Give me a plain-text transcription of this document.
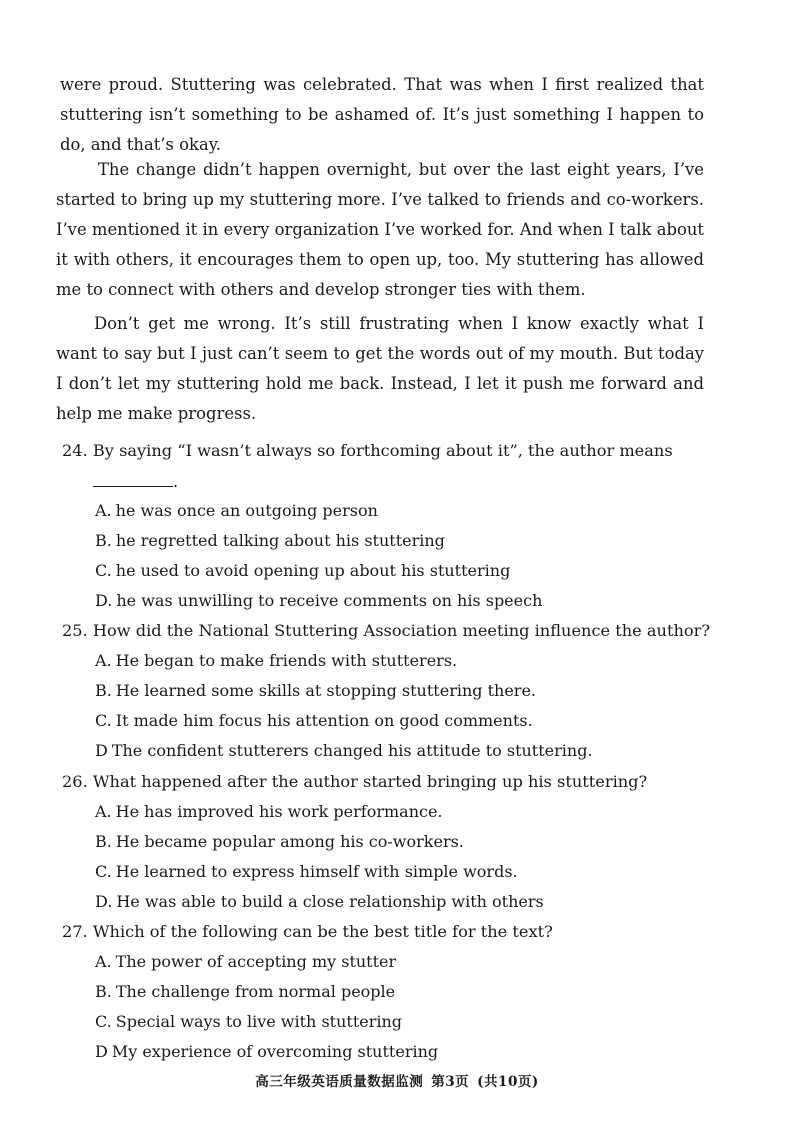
were proud. Stuttering was celebrated. That was when I first realized that stuttering isn’t something to be ashamed of. It’s just something I happen to do, and that’s okay.

The change didn’t happen overnight, but over the last eight years, I’ve started to bring up my stuttering more. I’ve talked to friends and co-workers. I’ve mentioned it in every organization I’ve worked for. And when I talk about it with others, it encourages them to open up, too. My stuttering has allowed me to connect with others and develop stronger ties with them.

Don’t get me wrong. It’s still frustrating when I know exactly what I want to say but I just can’t seem to get the words out of my mouth. But today I don’t let my stuttering hold me back. Instead, I let it push me forward and help me make progress.

24. By saying “I wasn’t always so forthcoming about it”, the author means
.
A. he was once an outgoing person
B. he regretted talking about his stuttering
C. he used to avoid opening up about his stuttering
D. he was unwilling to receive comments on his speech
25. How did the National Stuttering Association meeting influence the author?
A. He began to make friends with stutterers.
B. He learned some skills at stopping stuttering there.
C. It made him focus his attention on good comments.
D The confident stutterers changed his attitude to stuttering.
26. What happened after the author started bringing up his stuttering?
A. He has improved his work performance.
B. He became popular among his co-workers.
C. He learned to express himself with simple words.
D. He was able to build a close relationship with others
27. Which of the following can be the best title for the text?
A. The power of accepting my stutter
B. The challenge from normal people
C. Special ways to live with stuttering
D My experience of overcoming stuttering
高三年级英语质量数据监测 第3页 (共10页)
